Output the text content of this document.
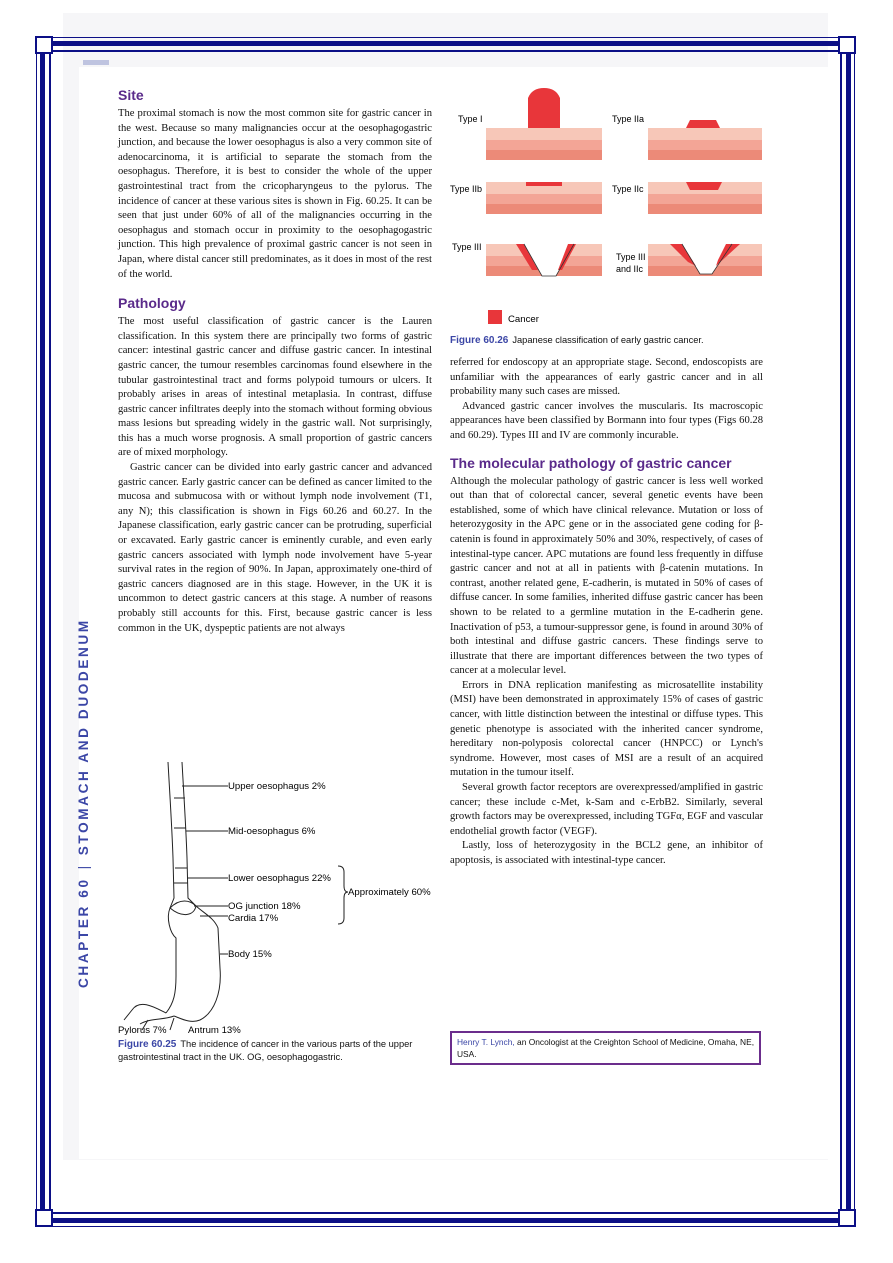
CHAPTER 60|STOMACH AND DUODENUM
Site

The proximal stomach is now the most common site for gastric cancer in the west. Because so many malignancies occur at the oesophagogastric junction, and because the lower oesophagus is also a very common site of adenocarcinoma, it is artificial to separate the stomach from the oesophagus. Therefore, it is best to consider the whole of the upper gastrointestinal tract from the cricopharyngeus to the pylorus. The incidence of cancer at these various sites is shown in Fig. 60.25. It can be seen that just under 60% of all of the malignancies occurring in the oesophagus and stomach occur in proximity to the oesophagogastric junction. This high prevalence of proximal gastric cancer is not seen in Japan, where distal cancer still predominates, as it does in most of the rest of the world.

Pathology

The most useful classification of gastric cancer is the Lauren classification. In this system there are principally two forms of gastric cancer: intestinal gastric cancer and diffuse gastric cancer. In intestinal gastric cancer, the tumour resembles carcinomas found elsewhere in the tubular gastrointestinal tract and forms polypoid tumours or ulcers. It probably arises in areas of intestinal metaplasia. In contrast, diffuse gastric cancer infiltrates deeply into the stomach without forming obvious mass lesions but spreading widely in the gastric wall. Not surprisingly, this has a much worse prognosis. A small proportion of gastric cancers are of mixed morphology.

Gastric cancer can be divided into early gastric cancer and advanced gastric cancer. Early gastric cancer can be defined as cancer limited to the mucosa and submucosa with or without lymph node involvement (T1, any N); this classification is shown in Figs 60.26 and 60.27. In the Japanese classification, early gastric cancer can be protruding, superficial or excavated. Early gastric cancer is eminently curable, and even early gastric cancers associated with lymph node involvement have 5-year survival rates in the region of 90%. In Japan, approximately one-third of gastric cancers diagnosed are in this stage. However, in the UK it is uncommon to detect gastric cancers at this stage. A number of reasons probably still accounts for this. First, because gastric cancer is less common in the UK, dyspeptic patients are not always

Upper oesophagus 2%
Mid-oesophagus 6%
Lower oesophagus 22%
OG junction 18%
Cardia 17%
Body 15%
Approximately 60%
Pylorus 7% Antrum 13%
Figure 60.25 The incidence of cancer in the various parts of the upper gastrointestinal tract in the UK. OG, oesophagogastric.
Type I	Type IIa
Type IIb	Type IIc
Type III
Type III
and IIc
Cancer
Figure 60.26 Japanese classification of early gastric cancer.

referred for endoscopy at an appropriate stage. Second, endoscopists are unfamiliar with the appearances of early gastric cancer and in all probability many such cases are missed.

Advanced gastric cancer involves the muscularis. Its macroscopic appearances have been classified by Bormann into four types (Figs 60.28 and 60.29). Types III and IV are commonly incurable.

The molecular pathology of gastric cancer

Although the molecular pathology of gastric cancer is less well worked out than that of colorectal cancer, several genetic events have been established, some of which have clinical relevance. Mutation or loss of heterozygosity in the APC gene or in the associated gene coding for β-catenin is found in approximately 50% and 30%, respectively, of cases of intestinal-type cancer. APC mutations are found less frequently in diffuse gastric cancer and not at all in patients with β-catenin mutations. In contrast, another related gene, E-cadherin, is mutated in 50% of cases of diffuse cancer. In some families, inherited diffuse gastric cancer has been shown to be related to a germline mutation in the E-cadherin gene. Inactivation of p53, a tumour-suppressor gene, is found in around 30% of both intestinal and diffuse gastric cancers. These findings serve to illustrate that there are important differences between the two types of cancer at a molecular level.

Errors in DNA replication manifesting as microsatellite instability (MSI) have been demonstrated in approximately 15% of cases of gastric cancer, with little distinction between the intestinal or diffuse types. This genetic phenotype is associated with the inherited cancer syndrome, hereditary non-polyposis colorectal cancer (HNPCC) or Lynch's syndrome. However, most cases of MSI are a result of an acquired mutation in the tumour itself.

Several growth factor receptors are overexpressed/amplified in gastric cancer; these include c-Met, k-Sam and c-ErbB2. Similarly, several growth factors may be overexpressed, including TGFα, EGF and vascular endothelial growth factor (VEGF).

Lastly, loss of heterozygosity in the BCL2 gene, an inhibitor of apoptosis, is associated with intestinal-type cancer.

Henry T. Lynch, an Oncologist at the Creighton School of Medicine, Omaha, NE, USA.
